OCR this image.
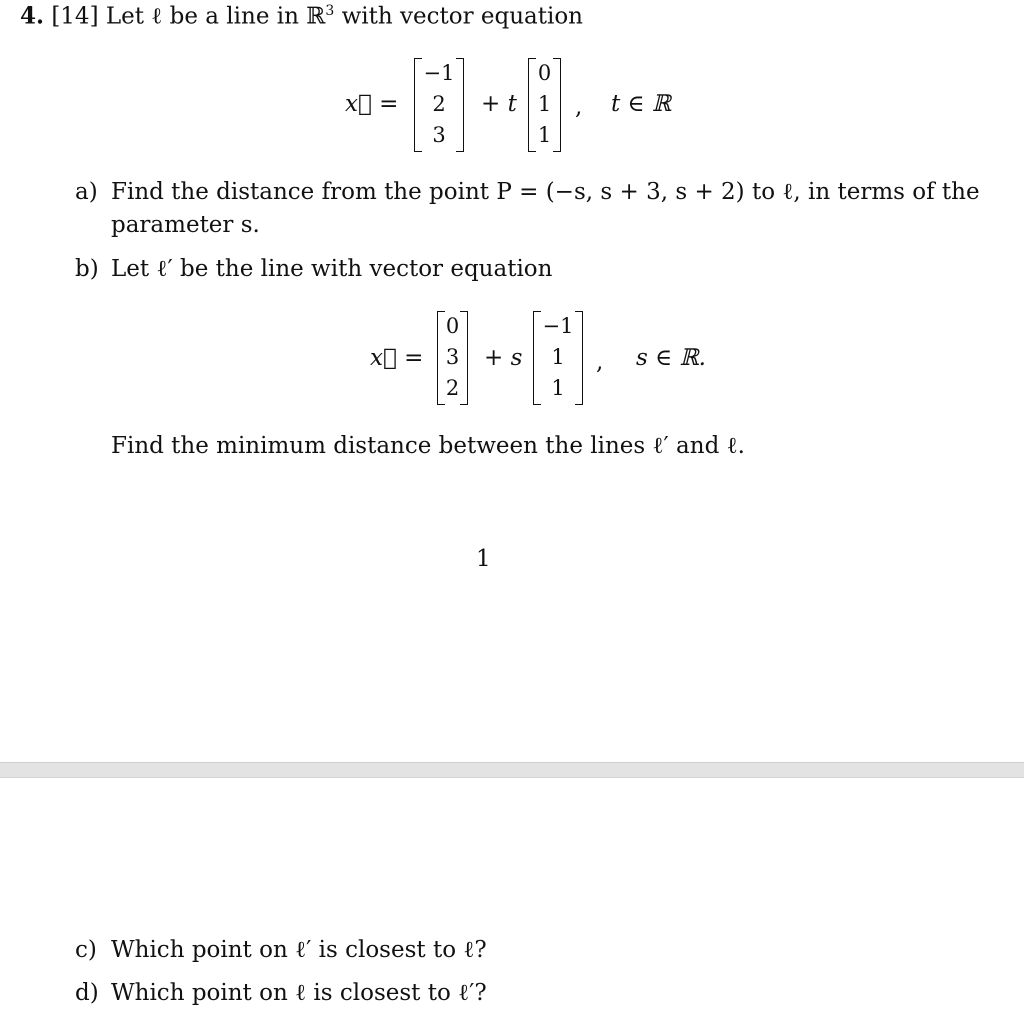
4. [14] Let ℓ be a line in ℝ$^3$ with vector equation
x⃗ =
−1
2
3
+ t
0
1
1
, t ∈ ℝ
a) Find the distance from the point P = (−s, s + 3, s + 2) to ℓ, in terms of the
parameter s.
b) Let ℓ′ be the line with vector equation
x⃗ =
0
3
2
+ s
−1
1
1
, s ∈ ℝ.
Find the minimum distance between the lines ℓ′ and ℓ.
1
c) Which point on ℓ′ is closest to ℓ?
d) Which point on ℓ is closest to ℓ′?
